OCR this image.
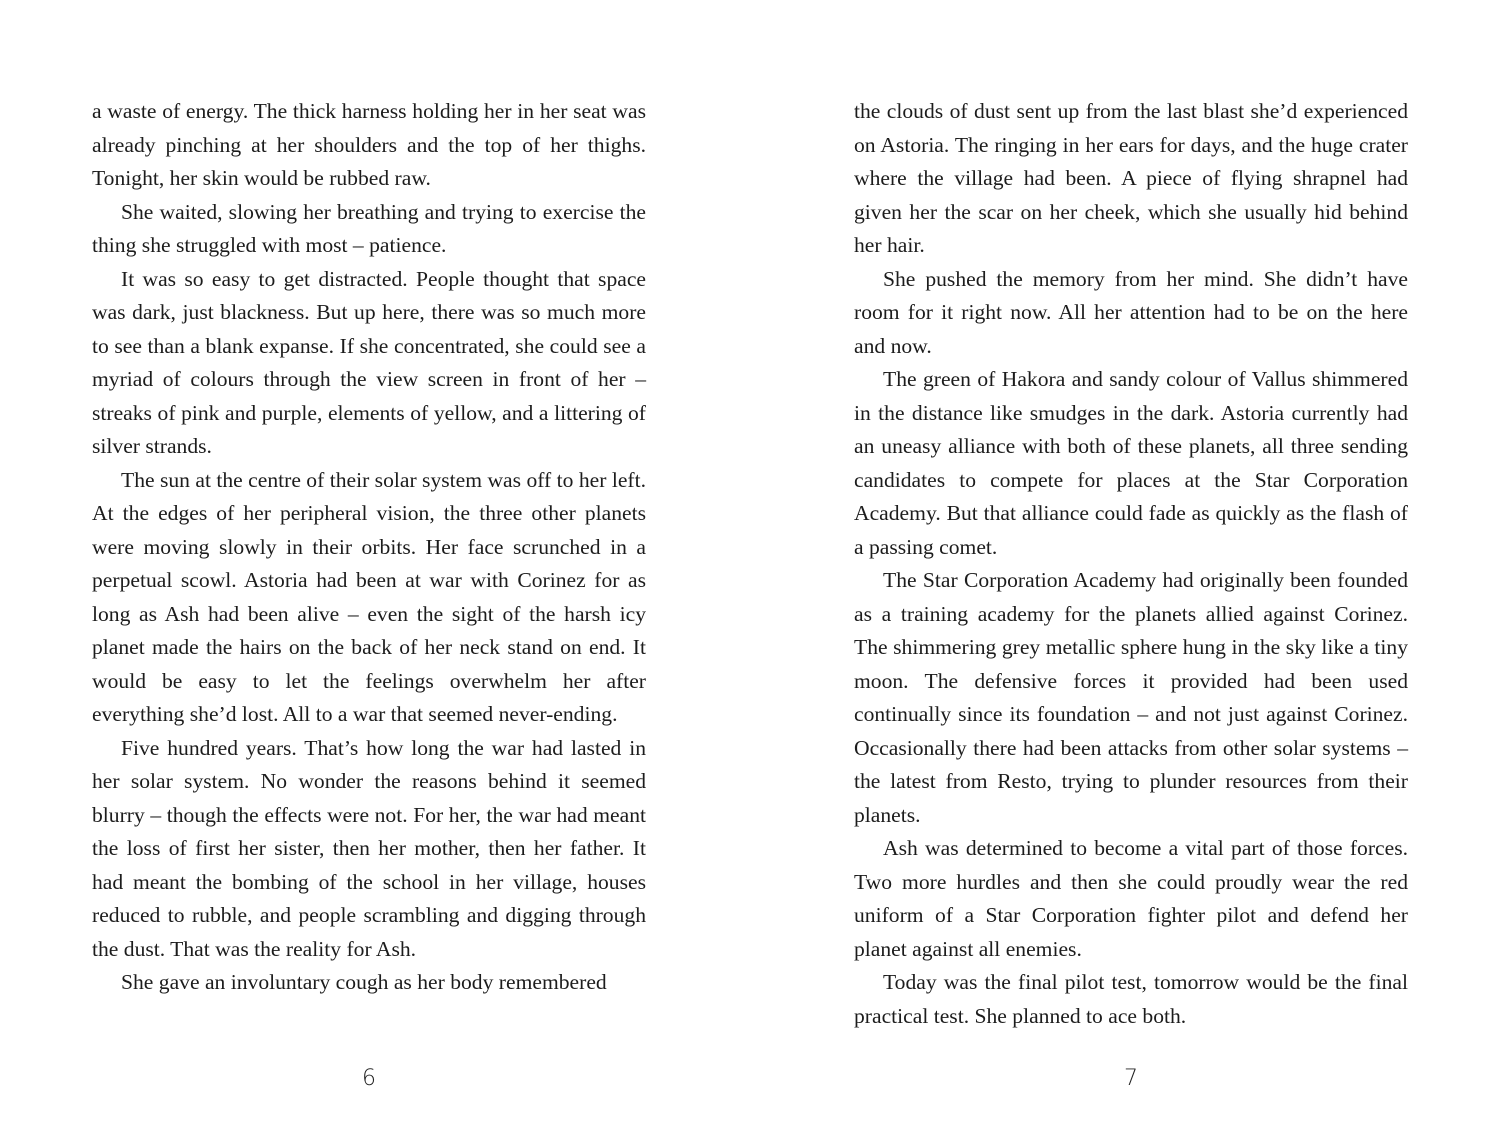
a waste of energy. The thick harness holding her in her seat was already pinching at her shoulders and the top of her thighs. Tonight, her skin would be rubbed raw.

She waited, slowing her breathing and trying to exercise the thing she struggled with most – patience.

It was so easy to get distracted. People thought that space was dark, just blackness. But up here, there was so much more to see than a blank expanse. If she concentrated, she could see a myriad of colours through the view screen in front of her – streaks of pink and purple, elements of yellow, and a littering of silver strands.

The sun at the centre of their solar system was off to her left. At the edges of her peripheral vision, the three other planets were moving slowly in their orbits. Her face scrunched in a perpetual scowl. Astoria had been at war with Corinez for as long as Ash had been alive – even the sight of the harsh icy planet made the hairs on the back of her neck stand on end. It would be easy to let the feelings overwhelm her after everything she’d lost. All to a war that seemed never-ending.

Five hundred years. That’s how long the war had lasted in her solar system. No wonder the reasons behind it seemed blurry – though the effects were not. For her, the war had meant the loss of first her sister, then her mother, then her father. It had meant the bombing of the school in her village, houses reduced to rubble, and people scrambling and digging through the dust. That was the reality for Ash.

She gave an involuntary cough as her body remembered

6

the clouds of dust sent up from the last blast she’d experienced on Astoria. The ringing in her ears for days, and the huge crater where the village had been. A piece of flying shrapnel had given her the scar on her cheek, which she usually hid behind her hair.

She pushed the memory from her mind. She didn’t have room for it right now. All her attention had to be on the here and now.

The green of Hakora and sandy colour of Vallus shimmered in the distance like smudges in the dark. Astoria currently had an uneasy alliance with both of these planets, all three sending candidates to compete for places at the Star Corporation Academy. But that alliance could fade as quickly as the flash of a passing comet.

The Star Corporation Academy had originally been founded as a training academy for the planets allied against Corinez. The shimmering grey metallic sphere hung in the sky like a tiny moon. The defensive forces it provided had been used continually since its foundation – and not just against Corinez. Occasionally there had been attacks from other solar systems – the latest from Resto, trying to plunder resources from their planets.

Ash was determined to become a vital part of those forces. Two more hurdles and then she could proudly wear the red uniform of a Star Corporation fighter pilot and defend her planet against all enemies.

Today was the final pilot test, tomorrow would be the final practical test. She planned to ace both.

7
